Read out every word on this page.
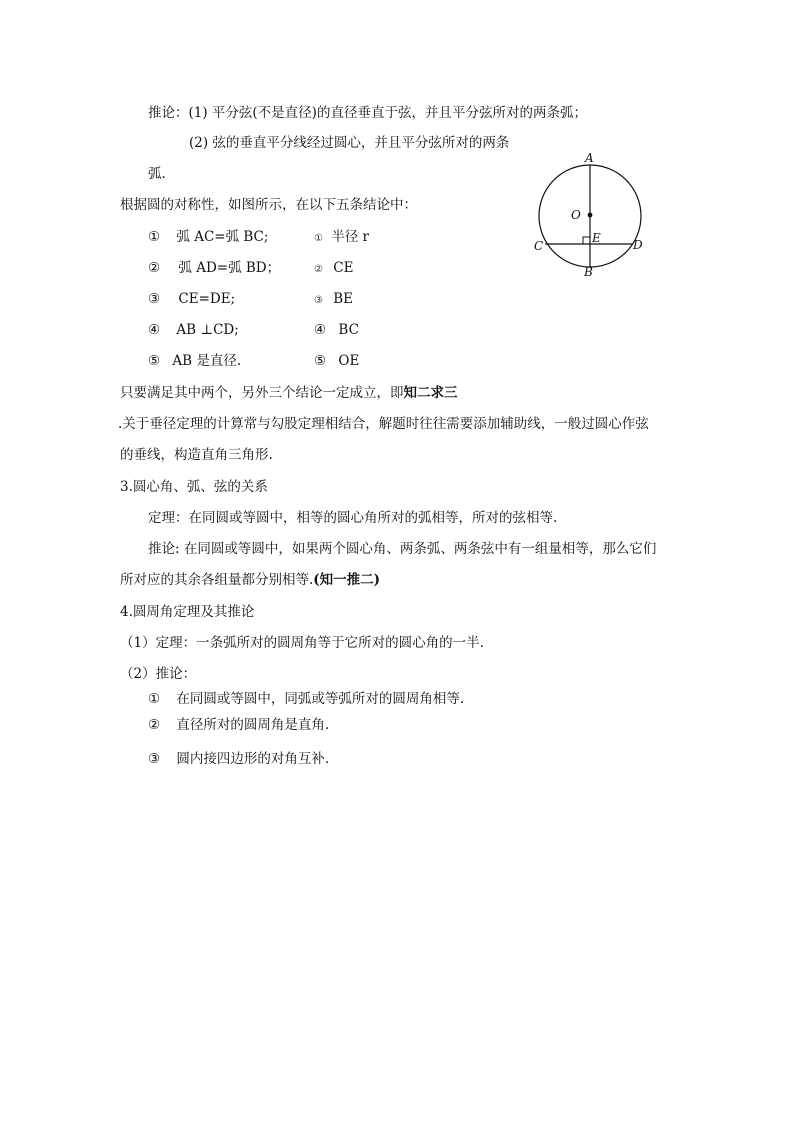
推论：(1) 平分弦(不是直径)的直径垂直于弦，并且平分弦所对的两条弧；
(2) 弦的垂直平分线经过圆心，并且平分弦所对的两条
弧.
根据圆的对称性，如图所示，在以下五条结论中：
① 弧 AC=弧 BC;
② 弧 AD=弧 BD；
③ CE=DE;
④ AB ⊥CD;
⑤ AB 是直径.
① 半径 r
② CE
③ BE
④ BC
⑤ OE
A
O
E
C	D
B
只要满足其中两个，另外三个结论一定成立，即知二求三
.关于垂径定理的计算常与勾股定理相结合，解题时往往需要添加辅助线，一般过圆心作弦
的垂线，构造直角三角形.
3.圆心角、弧、弦的关系
定理：在同圆或等圆中，相等的圆心角所对的弧相等，所对的弦相等.
推论: 在同圆或等圆中，如果两个圆心角、两条弧、两条弦中有一组量相等，那么它们
所对应的其余各组量都分别相等.(知一推二)
4.圆周角定理及其推论
（1）定理：一条弧所对的圆周角等于它所对的圆心角的一半.
（2）推论：
① 在同圆或等圆中，同弧或等弧所对的圆周角相等.
② 直径所对的圆周角是直角.
③ 圆内接四边形的对角互补.
